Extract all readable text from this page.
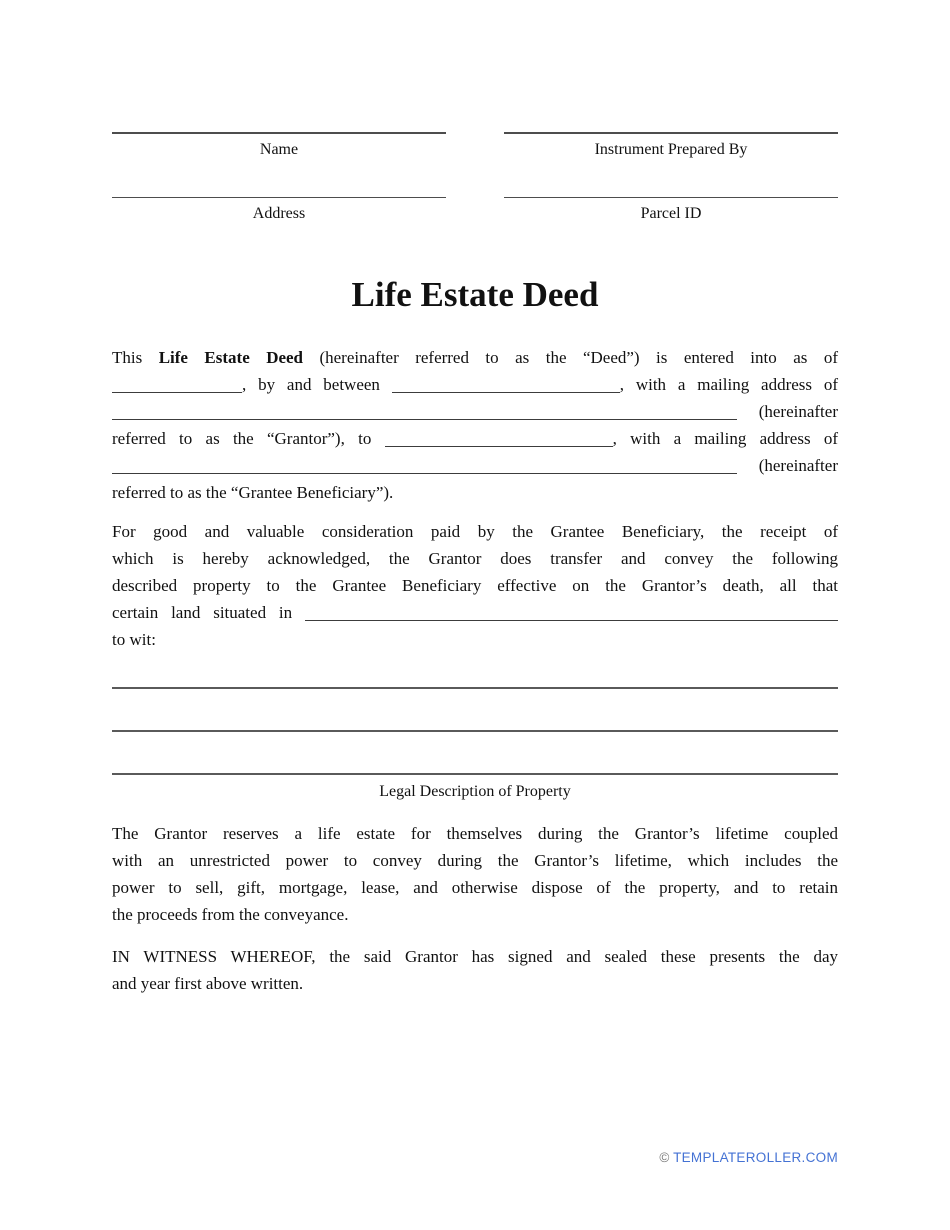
Name	Instrument Prepared By
Address	Parcel ID
Life Estate Deed
This Life Estate Deed (hereinafter referred to as the “Deed”) is entered into as of
, by and between	, with a mailing address of
(hereinafter
referred to as the “Grantor”), to	, with a mailing address of
(hereinafter
referred to as the “Grantee Beneficiary”).
For good and valuable consideration paid by the Grantee Beneficiary, the receipt of
which is hereby acknowledged, the Grantor does transfer and convey the following
described property to the Grantee Beneficiary effective on the Grantor’s death, all that
certain land situated in
to wit:
Legal Description of Property
The Grantor reserves a life estate for themselves during the Grantor’s lifetime coupled
with an unrestricted power to convey during the Grantor’s lifetime, which includes the
power to sell, gift, mortgage, lease, and otherwise dispose of the property, and to retain
the proceeds from the conveyance.
IN WITNESS WHEREOF, the said Grantor has signed and sealed these presents the day
and year first above written.
© TEMPLATEROLLER.COM
